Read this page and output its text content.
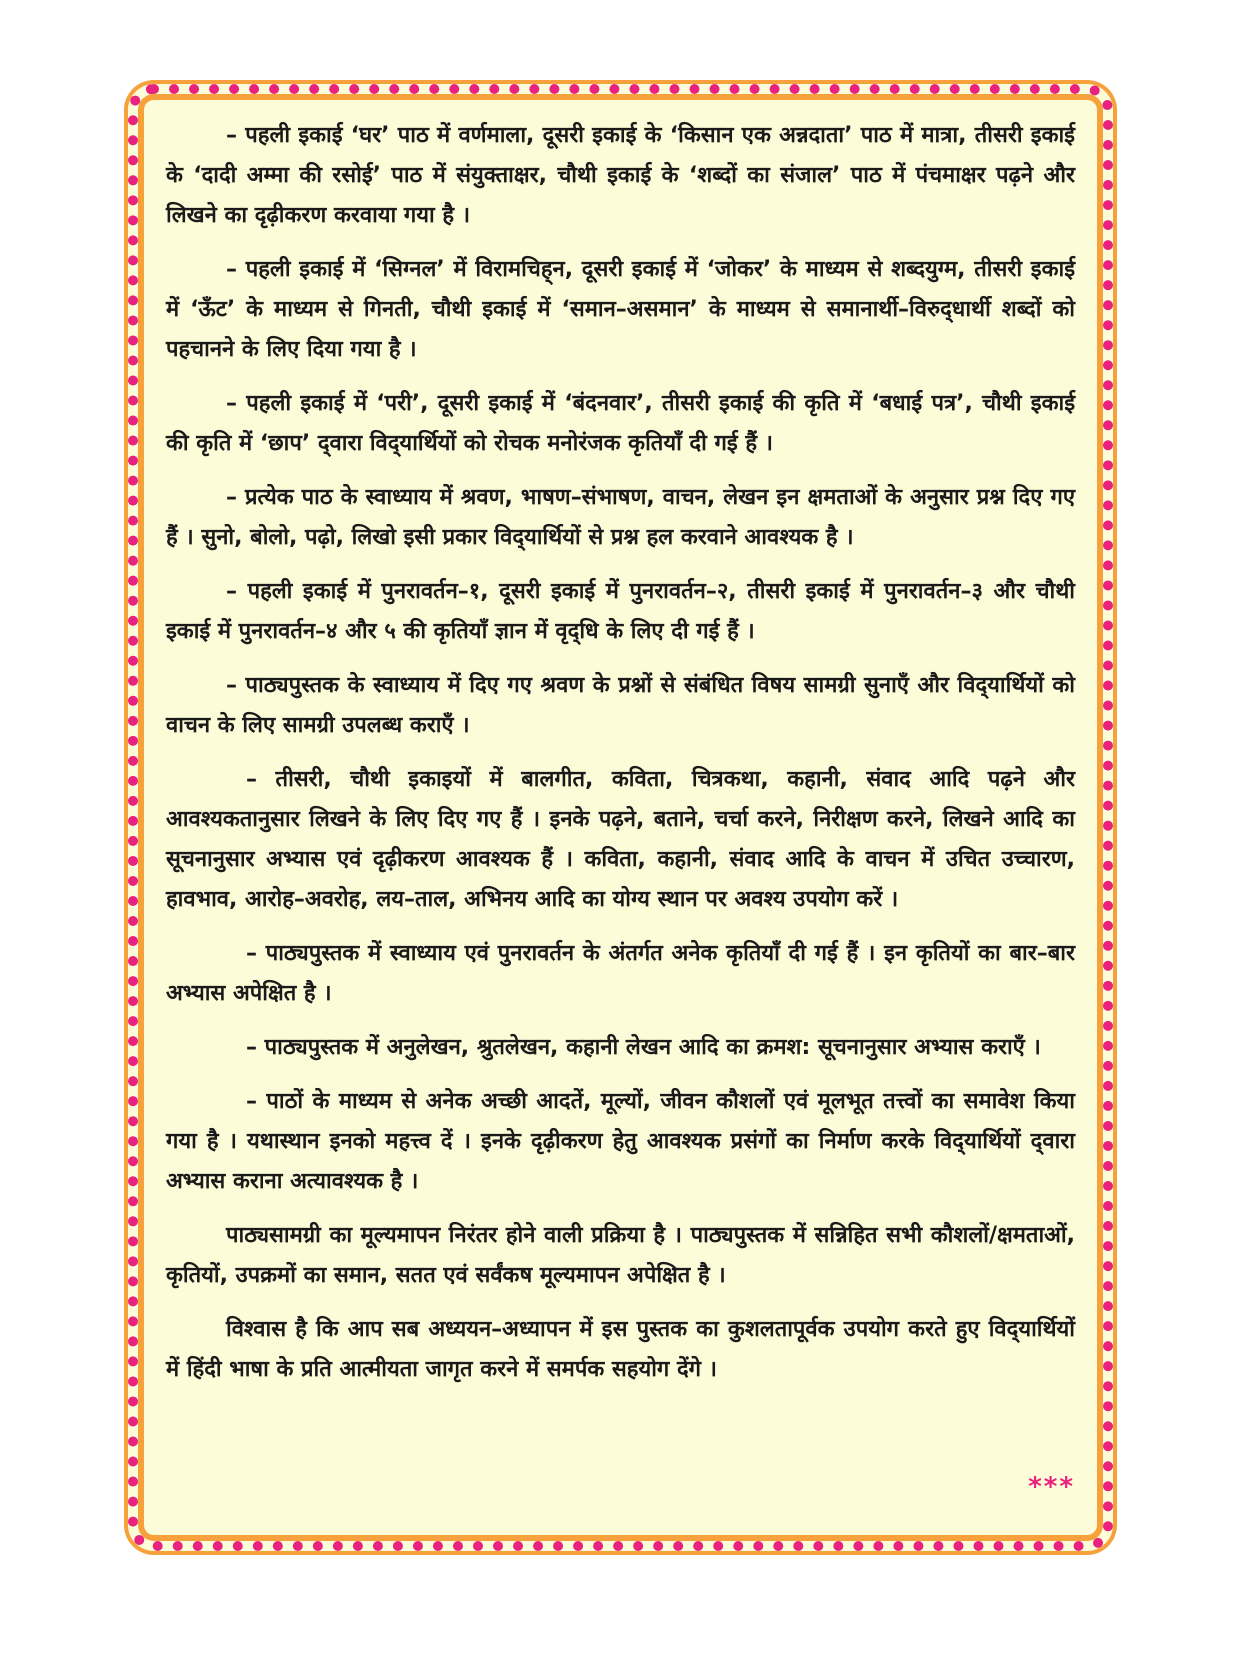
– पहली इकाई ‘घर’ पाठ में वर्णमाला, दूसरी इकाई के ‘किसान एक अन्नदाता’ पाठ में मात्रा, तीसरी इकाई के ‘दादी अम्मा की रसोई’ पाठ में संयुक्ताक्षर, चौथी इकाई के ‘शब्दों का संजाल’ पाठ में पंचमाक्षर पढ़ने और लिखने का दृढ़ीकरण करवाया गया है ।

– पहली इकाई में ‘सिग्नल’ में विरामचिह्‌न, दूसरी इकाई में ‘जोकर’ के माध्यम से शब्दयुग्म, तीसरी इकाई में ‘ऊँट’ के माध्यम से गिनती, चौथी इकाई में ‘समान–असमान’ के माध्यम से समानार्थी–विरुद्‌धार्थी शब्दों को पहचानने के लिए दिया गया है ।

– पहली इकाई में ‘परी’, दूसरी इकाई में ‘बंदनवार’, तीसरी इकाई की कृति में ‘बधाई पत्र’, चौथी इकाई की कृति में ‘छाप’ द्‌वारा विद्‌यार्थियों को रोचक मनोरंजक कृतियाँ दी गई हैं ।

– प्रत्येक पाठ के स्वाध्याय में श्रवण, भाषण–संभाषण, वाचन, लेखन इन क्षमताओं के अनुसार प्रश्न दिए गए हैं । सुनो, बोलो, पढ़ो, लिखो इसी प्रकार विद्‌यार्थियों से प्रश्न हल करवाने आवश्यक है ।

– पहली इकाई में पुनरावर्तन–१, दूसरी इकाई में पुनरावर्तन–२, तीसरी इकाई में पुनरावर्तन–३ और चौथी इकाई में पुनरावर्तन–४ और ५ की कृतियाँ ज्ञान में वृद्‌धि के लिए दी गई हैं ।

– पाठ्यपुस्तक के स्वाध्याय में दिए गए श्रवण के प्रश्नों से संबंधित विषय सामग्री सुनाएँ और विद्‌यार्थियों को वाचन के लिए सामग्री उपलब्ध कराएँ ।

– तीसरी, चौथी इकाइयों में बालगीत, कविता, चित्रकथा, कहानी, संवाद आदि पढ़ने और आवश्यकतानुसार लिखने के लिए दिए गए हैं । इनके पढ़ने, बताने, चर्चा करने, निरीक्षण करने, लिखने आदि का सूचनानुसार अभ्यास एवं दृढ़ीकरण आवश्यक हैं । कविता, कहानी, संवाद आदि के वाचन में उचित उच्चारण, हावभाव, आरोह–अवरोह, लय–ताल, अभिनय आदि का योग्य स्थान पर अवश्य उपयोग करें ।

– पाठ्यपुस्तक में स्वाध्याय एवं पुनरावर्तन के अंतर्गत अनेक कृतियाँ दी गई हैं । इन कृतियों का बार–बार अभ्यास अपेक्षित है ।

– पाठ्यपुस्तक में अनुलेखन, श्रुतलेखन, कहानी लेखन आदि का क्रमश: सूचनानुसार अभ्यास कराएँ ।

– पाठों के माध्यम से अनेक अच्छी आदतें, मूल्यों, जीवन कौशलों एवं मूलभूत तत्त्वों का समावेश किया गया है । यथास्थान इनको महत्त्व दें । इनके दृढ़ीकरण हेतु आवश्यक प्रसंगों का निर्माण करके विद्‌यार्थियों द्‌वारा अभ्यास कराना अत्यावश्यक है ।

पाठ्यसामग्री का मूल्यमापन निरंतर होने वाली प्रक्रिया है । पाठ्यपुस्तक में सन्निहित सभी कौशलों/क्षमताओं, कृतियों, उपक्रमों का समान, सतत एवं सर्वंकष मूल्यमापन अपेक्षित है ।

विश्वास है कि आप सब अध्ययन–अध्यापन में इस पुस्तक का कुशलतापूर्वक उपयोग करते हुए विद्‌यार्थियों में हिंदी भाषा के प्रति आत्मीयता जागृत करने में समर्पक सहयोग देंगे ।

***
